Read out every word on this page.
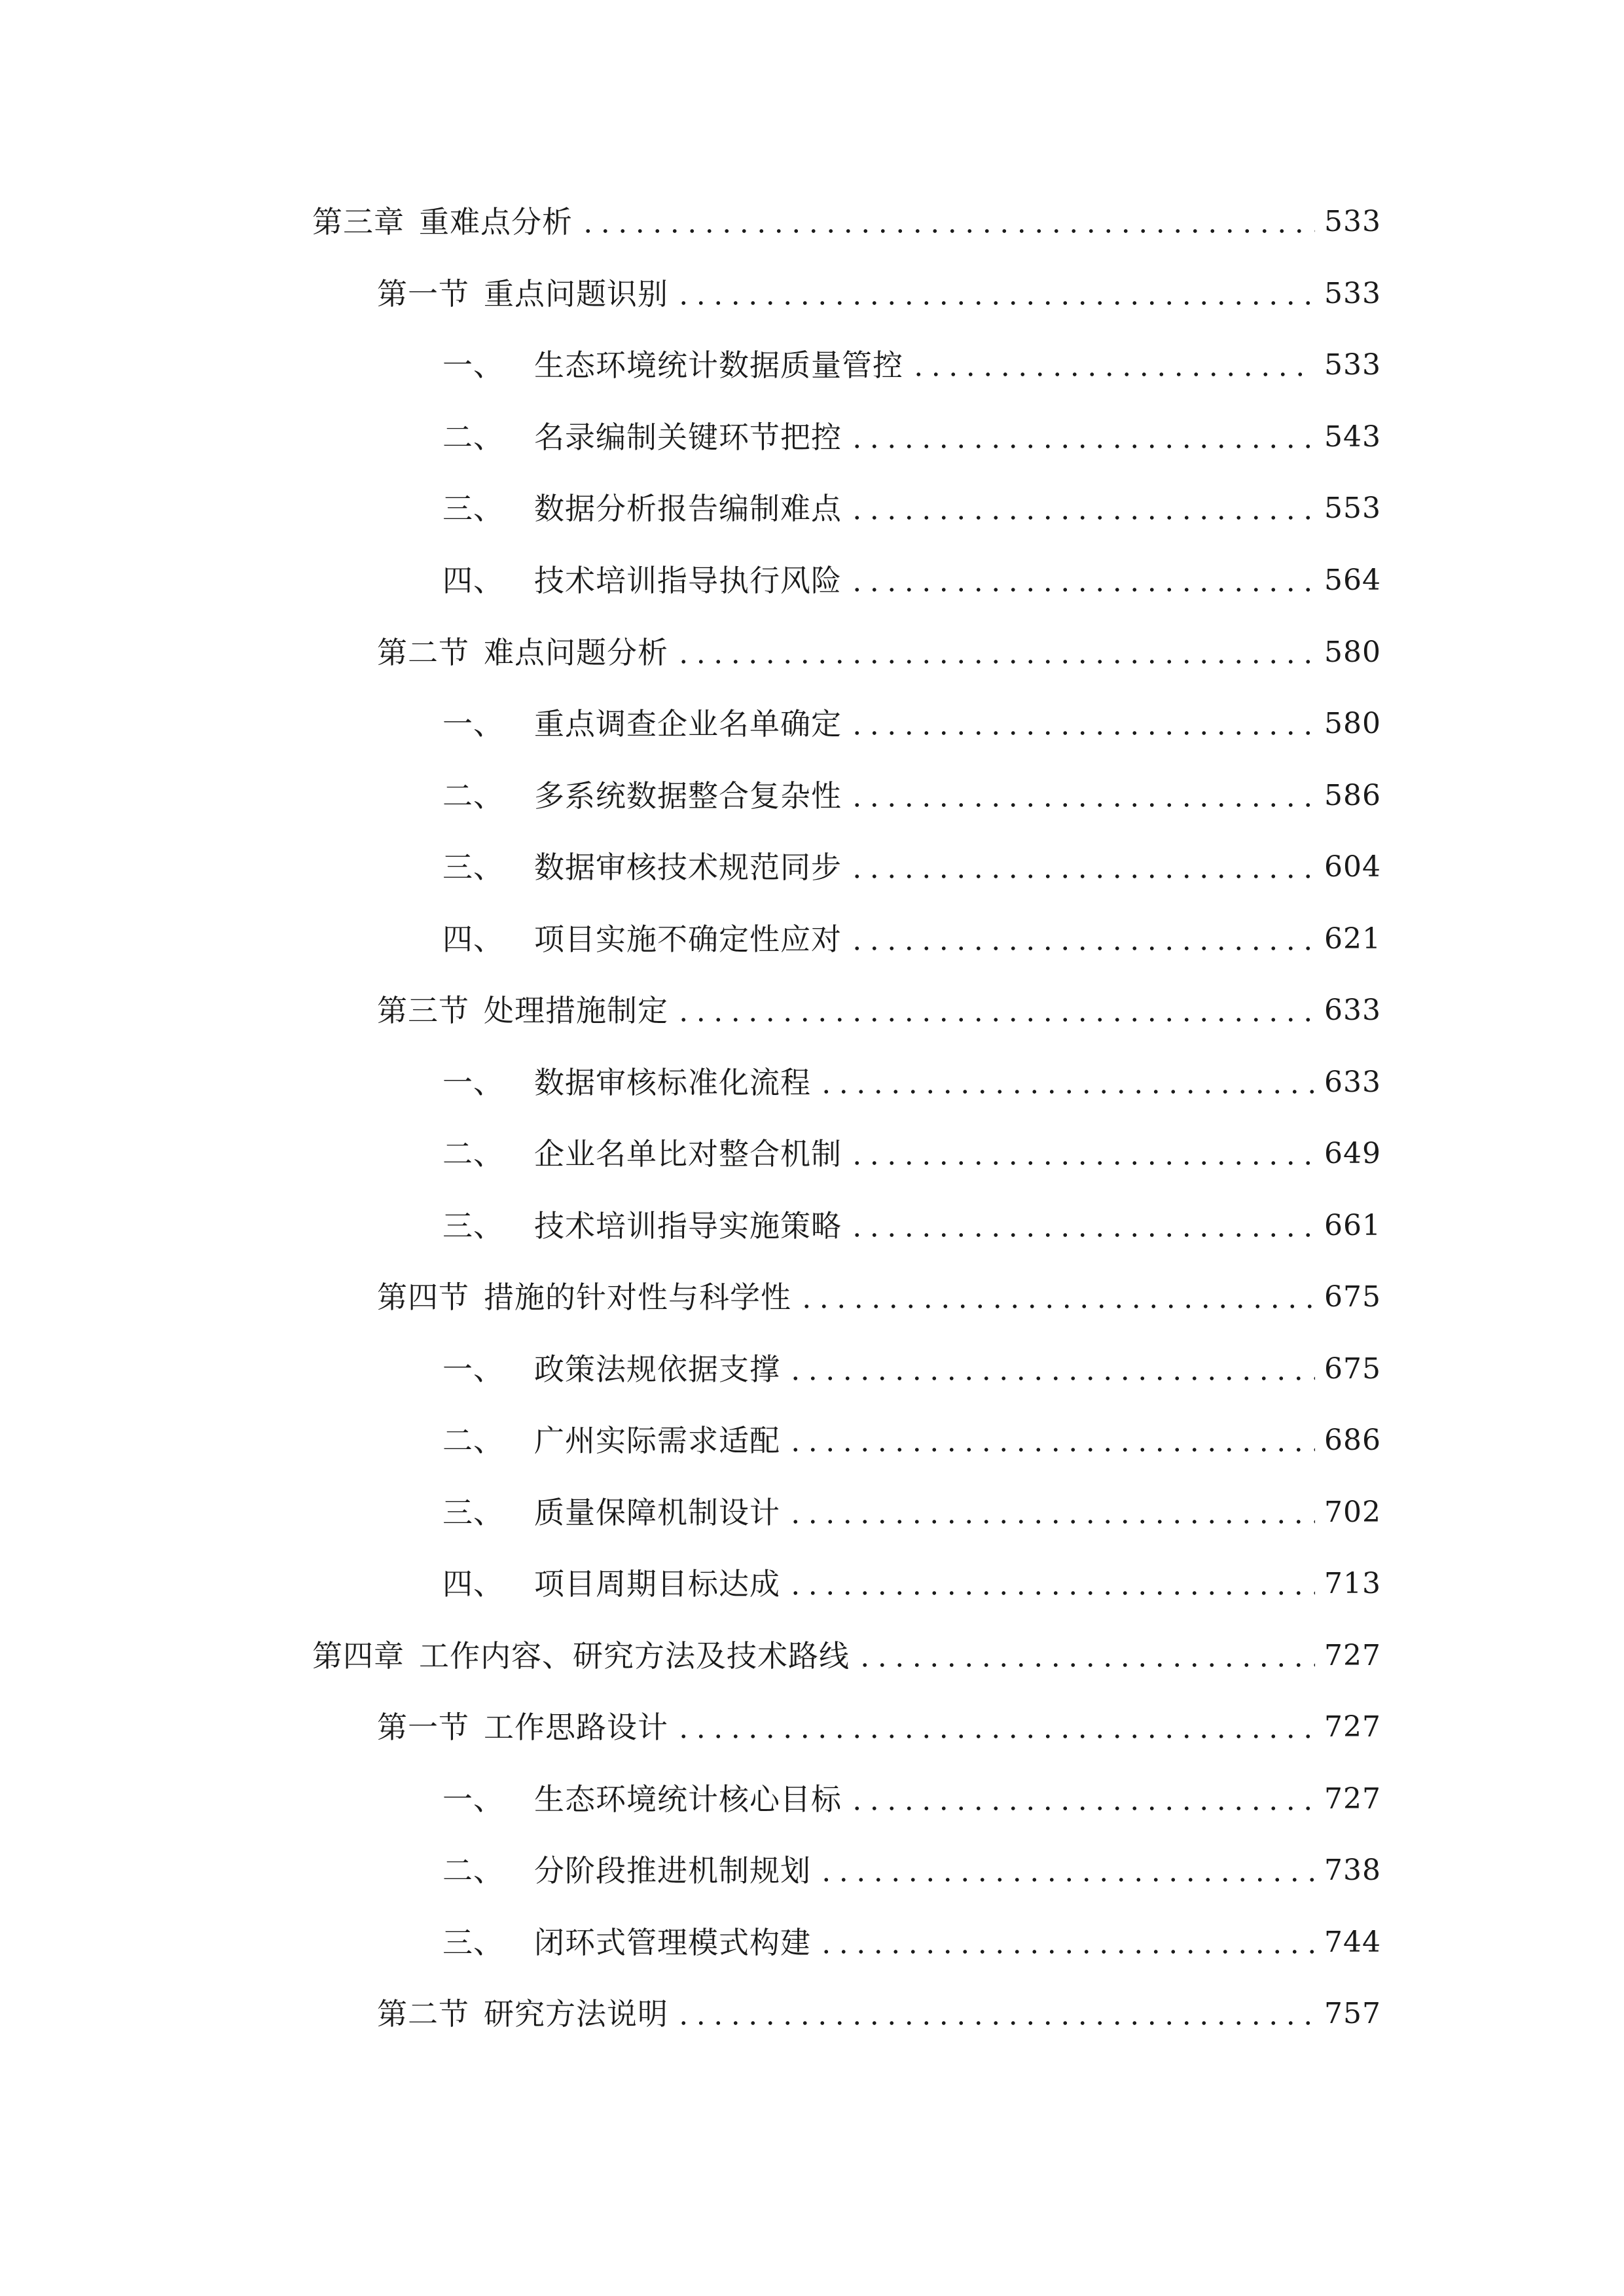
第三章 重难点分析	533
第一节 重点问题识别	533
一、 生态环境统计数据质量管控	533
二、 名录编制关键环节把控	543
三、 数据分析报告编制难点	553
四、 技术培训指导执行风险	564
第二节 难点问题分析	580
一、 重点调查企业名单确定	580
二、 多系统数据整合复杂性	586
三、 数据审核技术规范同步	604
四、 项目实施不确定性应对	621
第三节 处理措施制定	633
一、 数据审核标准化流程	633
二、 企业名单比对整合机制	649
三、 技术培训指导实施策略	661
第四节 措施的针对性与科学性	675
一、 政策法规依据支撑	675
二、 广州实际需求适配	686
三、 质量保障机制设计	702
四、 项目周期目标达成	713
第四章 工作内容、研究方法及技术路线	727
第一节 工作思路设计	727
一、 生态环境统计核心目标	727
二、 分阶段推进机制规划	738
三、 闭环式管理模式构建	744
第二节 研究方法说明	757
